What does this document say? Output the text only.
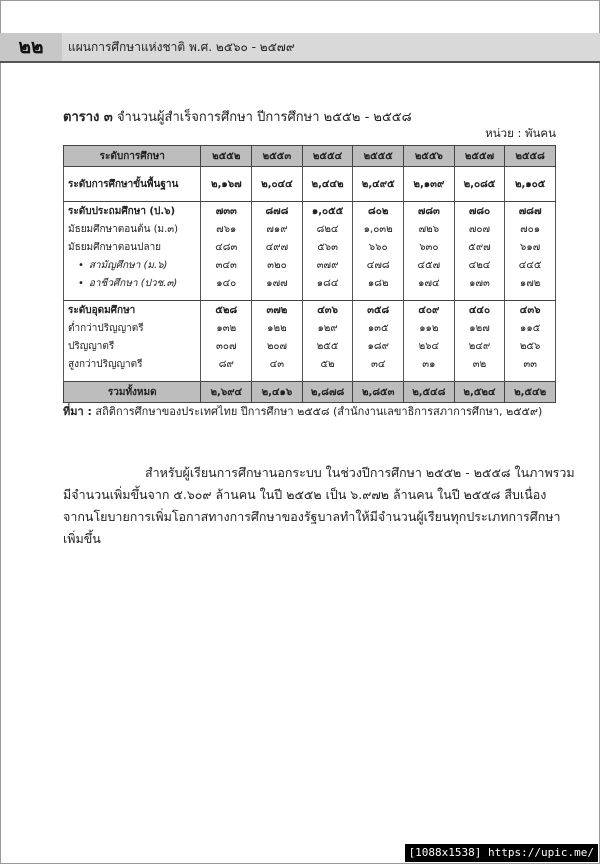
๒๒	แผนการศึกษาแห่งชาติ พ.ศ. ๒๕๖๐ - ๒๕๗๙
ตาราง ๓ จำนวนผู้สำเร็จการศึกษา ปีการศึกษา ๒๕๕๒ - ๒๕๕๘
หน่วย : พันคน
ระดับการศึกษา	๒๕๕๒	๒๕๕๓	๒๕๕๔	๒๕๕๕	๒๕๕๖	๒๕๕๗	๒๕๕๘

ระดับการศึกษาขั้นพื้นฐาน	๒,๑๖๗	๒,๐๔๔	๒,๔๔๒	๒,๔๙๕	๒,๑๓๙	๒,๐๘๕	๒,๑๐๕

ระดับประถมศึกษา (ป.๖)	๗๓๓	๘๗๘	๑,๐๕๕	๘๐๒	๗๘๓	๗๘๐	๗๘๗
มัธยมศึกษาตอนต้น (ม.๓)	๗๖๑	๗๑๙	๘๒๔	๑,๐๓๒	๗๒๖	๗๐๗	๗๐๑
มัธยมศึกษาตอนปลาย	๔๘๓	๔๙๗	๕๖๓	๖๖๐	๖๓๐	๕๙๗	๖๑๗
• สามัญศึกษา (ม.๖)	๓๔๓	๓๒๐	๓๗๙	๔๗๘	๔๕๗	๔๒๔	๔๔๕
• อาชีวศึกษา (ปวช.๓)	๑๔๐	๑๗๗	๑๘๔	๑๘๒	๑๗๔	๑๗๓	๑๗๒

ระดับอุดมศึกษา	๕๒๘	๓๗๒	๔๓๖	๓๕๘	๔๐๙	๔๔๐	๔๓๖
ต่ำกว่าปริญญาตรี	๑๓๒	๑๒๒	๑๒๙	๑๓๕	๑๑๒	๑๒๗	๑๑๕
ปริญญาตรี	๓๐๗	๒๐๗	๒๕๕	๑๘๙	๒๖๔	๒๔๙	๒๕๖
สูงกว่าปริญญาตรี	๘๙	๔๓	๕๒	๓๔	๓๑	๓๒	๓๓

รวมทั้งหมด	๒,๖๙๔	๒,๔๑๖	๒,๘๗๘	๒,๘๕๓	๒,๕๔๘	๒,๕๒๔	๒,๕๔๒
ที่มา : สถิติการศึกษาของประเทศไทย ปีการศึกษา ๒๕๕๘ (สำนักงานเลขาธิการสภาการศึกษา, ๒๕๕๙)
สำหรับผู้เรียนการศึกษานอกระบบ ในช่วงปีการศึกษา ๒๕๕๒ - ๒๕๕๘ ในภาพรวม
มีจำนวนเพิ่มขึ้นจาก ๕.๖๐๙ ล้านคน ในปี ๒๕๕๒ เป็น ๖.๙๗๒ ล้านคน ในปี ๒๕๕๘ สืบเนื่อง
จากนโยบายการเพิ่มโอกาสทางการศึกษาของรัฐบาลทำให้มีจำนวนผู้เรียนทุกประเภทการศึกษา
เพิ่มขึ้น
[1088x1538] https://upic.me/
